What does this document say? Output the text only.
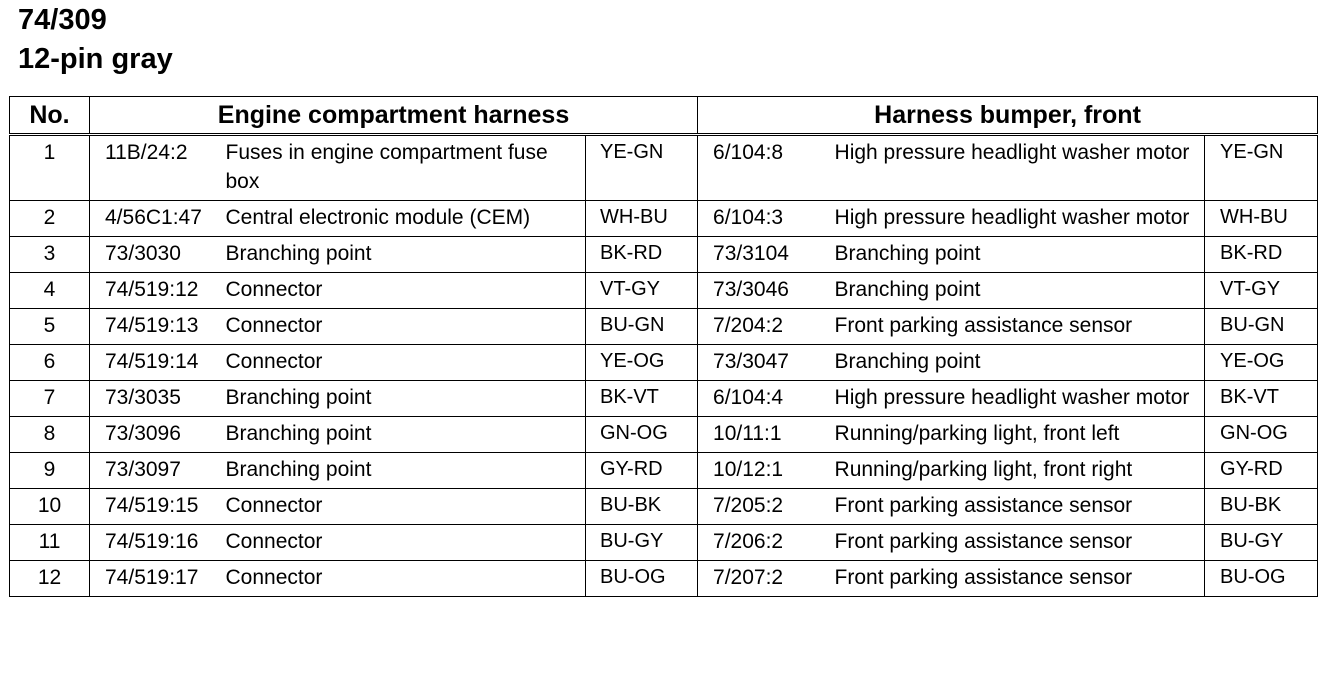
74/309
12-pin gray
No.	Engine compartment harness			Harness bumper, front		
1	11B/24:2	Fuses in engine compartment fuse box	YE-GN	6/104:8	High pressure headlight washer motor	YE-GN
2	4/56C1:47	Central electronic module (CEM)	WH-BU	6/104:3	High pressure headlight washer motor	WH-BU
3	73/3030	Branching point	BK-RD	73/3104	Branching point	BK-RD
4	74/519:12	Connector	VT-GY	73/3046	Branching point	VT-GY
5	74/519:13	Connector	BU-GN	7/204:2	Front parking assistance sensor	BU-GN
6	74/519:14	Connector	YE-OG	73/3047	Branching point	YE-OG
7	73/3035	Branching point	BK-VT	6/104:4	High pressure headlight washer motor	BK-VT
8	73/3096	Branching point	GN-OG	10/11:1	Running/parking light, front left	GN-OG
9	73/3097	Branching point	GY-RD	10/12:1	Running/parking light, front right	GY-RD
10	74/519:15	Connector	BU-BK	7/205:2	Front parking assistance sensor	BU-BK
11	74/519:16	Connector	BU-GY	7/206:2	Front parking assistance sensor	BU-GY
12	74/519:17	Connector	BU-OG	7/207:2	Front parking assistance sensor	BU-OG
